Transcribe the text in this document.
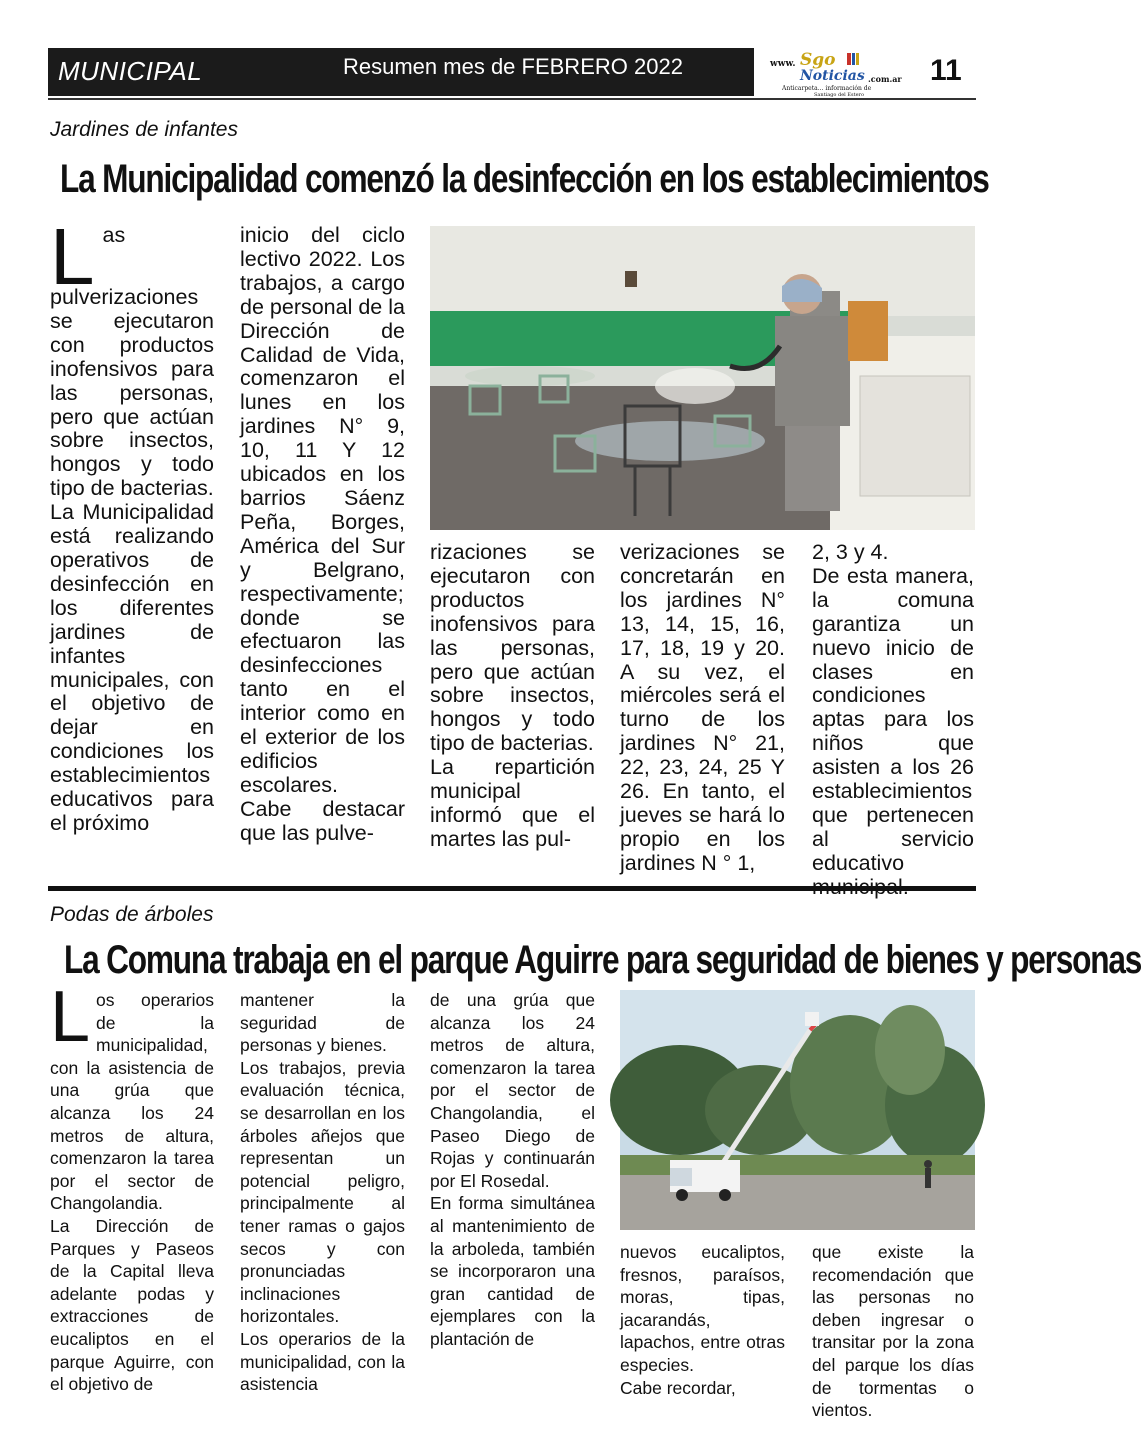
MUNICIPAL	Resumen mes de FEBRERO 2022	www. Sgo
Noticias .com.ar
Anticarpeta... información de
Santiago del Estero
11
Jardines de infantes
La Municipalidad comenzó la desinfección en los establecimientos

Las pulverizaciones se ejecutaron con productos inofensivos para las personas, pero que actúan sobre insectos, hongos y todo tipo de bacterias.

La Municipalidad está realizando operativos de desinfección en los diferentes jardines de infantes municipales, con el objetivo de dejar en condiciones los establecimientos educativos para el próximo

inicio del ciclo lectivo 2022. Los trabajos, a cargo de personal de la Dirección de Calidad de Vida, comenzaron el lunes en los jardines N° 9, 10, 11 Y 12 ubicados en los barrios Sáenz Peña, Borges, América del Sur y Belgrano, respectivamente; donde se efectuaron las desinfecciones tanto en el interior como en el exterior de los edificios escolares.

Cabe destacar que las pulve-

rizaciones se ejecutaron con productos inofensivos para las personas, pero que actúan sobre insectos, hongos y todo tipo de bacterias.

La repartición municipal informó que el martes las pul-

verizaciones se concretarán en los jardines N° 13, 14, 15, 16, 17, 18, 19 y 20. A su vez, el miércoles será el turno de los jardines N° 21, 22, 23, 24, 25 Y 26. En tanto, el jueves se hará lo propio en los jardines N ° 1,

2, 3 y 4.

De esta manera, la comuna garantiza un nuevo inicio de clases en condiciones aptas para los niños que asisten a los 26 establecimientos que pertenecen al servicio educativo

Podas de árboles
La Comuna trabaja en el parque Aguirre para seguridad de bienes y personas

Los operarios de la municipalidad, con la asistencia de una grúa que alcanza los 24 metros de altura, comenzaron la tarea por el sector de Changolandia.

La Dirección de Parques y Paseos de la Capital lleva adelante podas y extracciones de eucaliptos en el parque Aguirre, con el objetivo de

mantener la seguridad de personas y bienes.

Los trabajos, previa evaluación técnica, se desarrollan en los árboles añejos que representan un potencial peligro, principalmente al tener ramas o gajos secos y con pronunciadas inclinaciones horizontales.

Los operarios de la municipalidad, con la asistencia

de una grúa que alcanza los 24 metros de altura, comenzaron la tarea por el sector de Changolandia, el Paseo Diego de Rojas y continuarán por El Rosedal.

En forma simultánea al mantenimiento de la arboleda, también se incorporaron una gran cantidad de ejemplares con la plantación de

nuevos eucaliptos, fresnos, paraísos, moras, tipas, jacarandás, lapachos, entre otras especies.

Cabe recordar,

que existe la recomendación que las personas no deben ingresar o transitar por la zona del parque los días de tormentas o vientos.
